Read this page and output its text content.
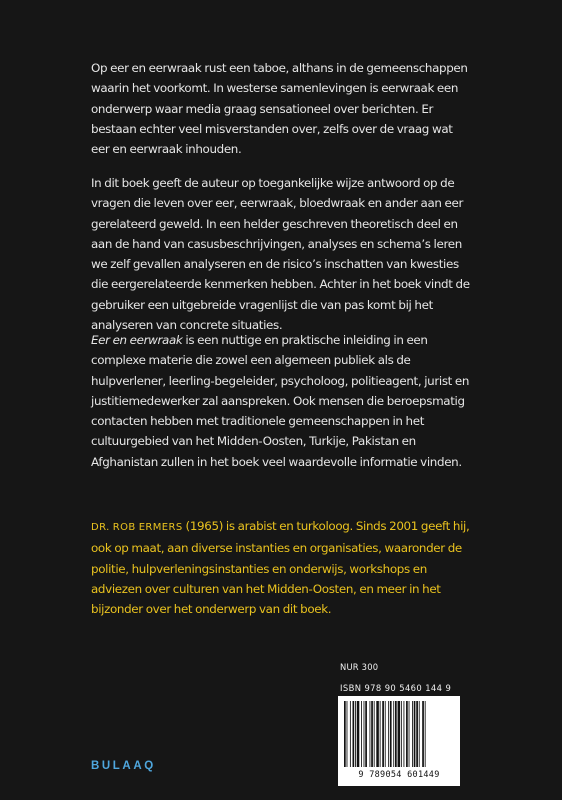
Op eer en eerwraak rust een taboe, althans in de gemeenschappen waarin het voorkomt. In westerse samenlevingen is eerwraak een onderwerp waar media graag sensationeel over berichten. Er bestaan echter veel misverstanden over, zelfs over de vraag wat eer en eerwraak inhouden.

In dit boek geeft de auteur op toegankelijke wijze antwoord op de vragen die leven over eer, eerwraak, bloedwraak en ander aan eer gerelateerd geweld. In een helder geschreven theoretisch deel en aan de hand van casusbeschrijvingen, analyses en schema’s leren we zelf gevallen analyseren en de risico’s inschatten van kwesties die eergerelateerde kenmerken hebben. Achter in het boek vindt de gebruiker een uitgebreide vragenlijst die van pas komt bij het analyseren van concrete situaties.

Eer en eerwraak is een nuttige en praktische inleiding in een complexe materie die zowel een algemeen publiek als de hulpverlener, leerling-begeleider, psycholoog, politieagent, jurist en justitiemedewerker zal aanspreken. Ook mensen die beroepsmatig contacten hebben met traditionele gemeenschappen in het cultuurgebied van het Midden-Oosten, Turkije, Pakistan en Afghanistan zullen in het boek veel waardevolle informatie vinden.

DR. ROB ERMERS (1965) is arabist en turkoloog. Sinds 2001 geeft hij, ook op maat, aan diverse instanties en organisaties, waaronder de politie, hulpverleningsinstanties en onderwijs, workshops en adviezen over culturen van het Midden-Oosten, en meer in het bijzonder over het onderwerp van dit boek.

NUR 300
ISBN 978 90 5460 144 9
9 789054 601449
BULAAQ
